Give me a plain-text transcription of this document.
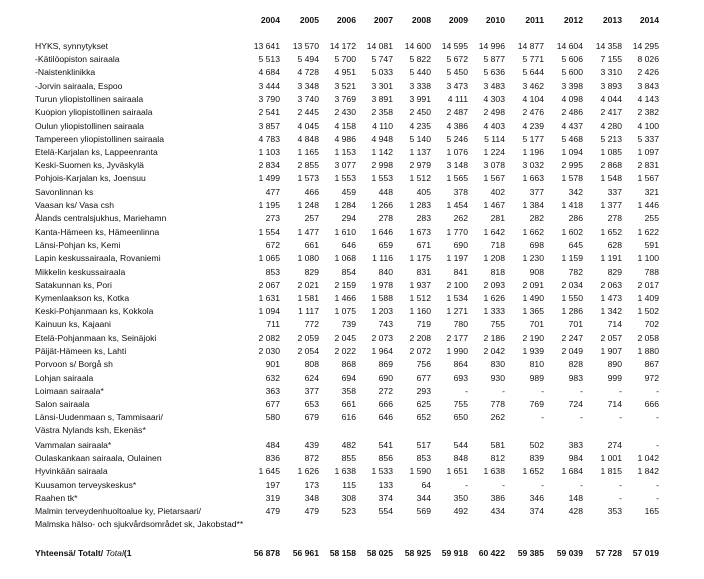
2004	2005	2006	2007	2008	2009	2010	2011	2012	2013	2014
HYKS, synnytykset	13 641	13 570	14 172	14 081	14 600	14 595	14 996	14 877	14 604	14 358	14 295
-Kätilöopiston sairaala	5 513	5 494	5 700	5 747	5 822	5 672	5 877	5 771	5 606	7 155	8 026
-Naistenklinikka	4 684	4 728	4 951	5 033	5 440	5 450	5 636	5 644	5 600	3 310	2 426
-Jorvin sairaala, Espoo	3 444	3 348	3 521	3 301	3 338	3 473	3 483	3 462	3 398	3 893	3 843
Turun yliopistollinen sairaala	3 790	3 740	3 769	3 891	3 991	4 111	4 303	4 104	4 098	4 044	4 143
Kuopion yliopistollinen sairaala	2 541	2 445	2 430	2 358	2 450	2 487	2 498	2 476	2 486	2 417	2 382
Oulun yliopistollinen sairaala	3 857	4 045	4 158	4 110	4 235	4 386	4 403	4 239	4 437	4 280	4 100
Tampereen yliopistollinen sairaala	4 783	4 848	4 986	4 948	5 140	5 246	5 114	5 177	5 468	5 213	5 337
Etelä-Karjalan ks, Lappeenranta	1 103	1 165	1 153	1 142	1 137	1 076	1 224	1 196	1 094	1 085	1 097
Keski-Suomen ks, Jyväskylä	2 834	2 855	3 077	2 998	2 979	3 148	3 078	3 032	2 995	2 868	2 831
Pohjois-Karjalan ks, Joensuu	1 499	1 573	1 553	1 553	1 512	1 565	1 567	1 663	1 578	1 548	1 567
Savonlinnan ks	477	466	459	448	405	378	402	377	342	337	321
Vaasan ks/ Vasa csh	1 195	1 248	1 284	1 266	1 283	1 454	1 467	1 384	1 418	1 377	1 446
Ålands centralsjukhus, Mariehamn	273	257	294	278	283	262	281	282	286	278	255
Kanta-Hämeen ks, Hämeenlinna	1 554	1 477	1 610	1 646	1 673	1 770	1 642	1 662	1 602	1 652	1 622
Länsi-Pohjan ks, Kemi	672	661	646	659	671	690	718	698	645	628	591
Lapin keskussairaala, Rovaniemi	1 065	1 080	1 068	1 116	1 175	1 197	1 208	1 230	1 159	1 191	1 100
Mikkelin keskussairaala	853	829	854	840	831	841	818	908	782	829	788
Satakunnan ks, Pori	2 067	2 021	2 159	1 978	1 937	2 100	2 093	2 091	2 034	2 063	2 017
Kymenlaakson ks, Kotka	1 631	1 581	1 466	1 588	1 512	1 534	1 626	1 490	1 550	1 473	1 409
Keski-Pohjanmaan ks, Kokkola	1 094	1 117	1 075	1 203	1 160	1 271	1 333	1 365	1 286	1 342	1 502
Kainuun ks, Kajaani	711	772	739	743	719	780	755	701	701	714	702
Etelä-Pohjanmaan ks, Seinäjoki	2 082	2 059	2 045	2 073	2 208	2 177	2 186	2 190	2 247	2 057	2 058
Päijät-Hämeen ks, Lahti	2 030	2 054	2 022	1 964	2 072	1 990	2 042	1 939	2 049	1 907	1 880
Porvoon s/ Borgå sh	901	808	868	869	756	864	830	810	828	890	867
Lohjan sairaala	632	624	694	690	677	693	930	989	983	999	972
Loimaan sairaala*	363	377	358	272	293	-	-	-	-	-	-
Salon sairaala	677	653	661	666	625	755	778	769	724	714	666
Länsi-Uudenmaan s, Tammisaari/	580	679	616	646	652	650	262	-	-	-	-
Västra Nylands ksh, Ekenäs*
Vammalan sairaala*	484	439	482	541	517	544	581	502	383	274	-
Oulaskankaan sairaala, Oulainen	836	872	855	856	853	848	812	839	984	1 001	1 042
Hyvinkään sairaala	1 645	1 626	1 638	1 533	1 590	1 651	1 638	1 652	1 684	1 815	1 842
Kuusamon terveyskeskus*	197	173	115	133	64	-	-	-	-	-	-
Raahen tk*	319	348	308	374	344	350	386	346	148	-	-
Malmin terveydenhuoltoalue ky, Pietarsaari/	479	479	523	554	569	492	434	374	428	353	165
Malmska hälso- och sjukvårdsområdet sk, Jakobstad**
Yhteensä/ Totalt/ Total(1	56 878	56 961	58 158	58 025	58 925	59 918	60 422	59 385	59 039	57 728	57 019
